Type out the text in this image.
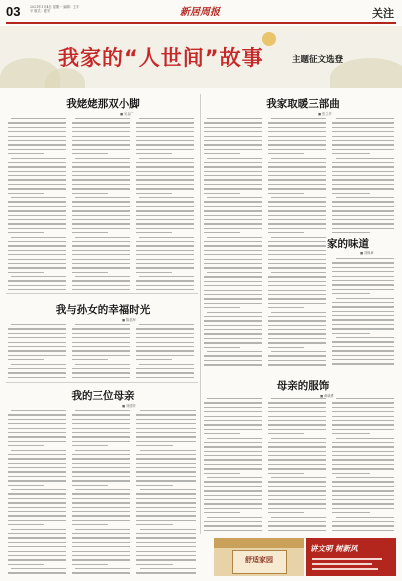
03	2021年1月4日 星期一 编辑：王宇平 版式：夏安	新居周报	关注
我家的“人世间”故事	主题征文选登
我姥姥那双小脚
■ 吴金广
我家取暖三部曲
■ 张立华
家的味道
■ 刘焕章
我与孙女的幸福时光
■ 陈星海
母亲的服饰
■ 黄晓勇
我的三位母亲
■ 刘德荣
舒适家园
讲文明 树新风
